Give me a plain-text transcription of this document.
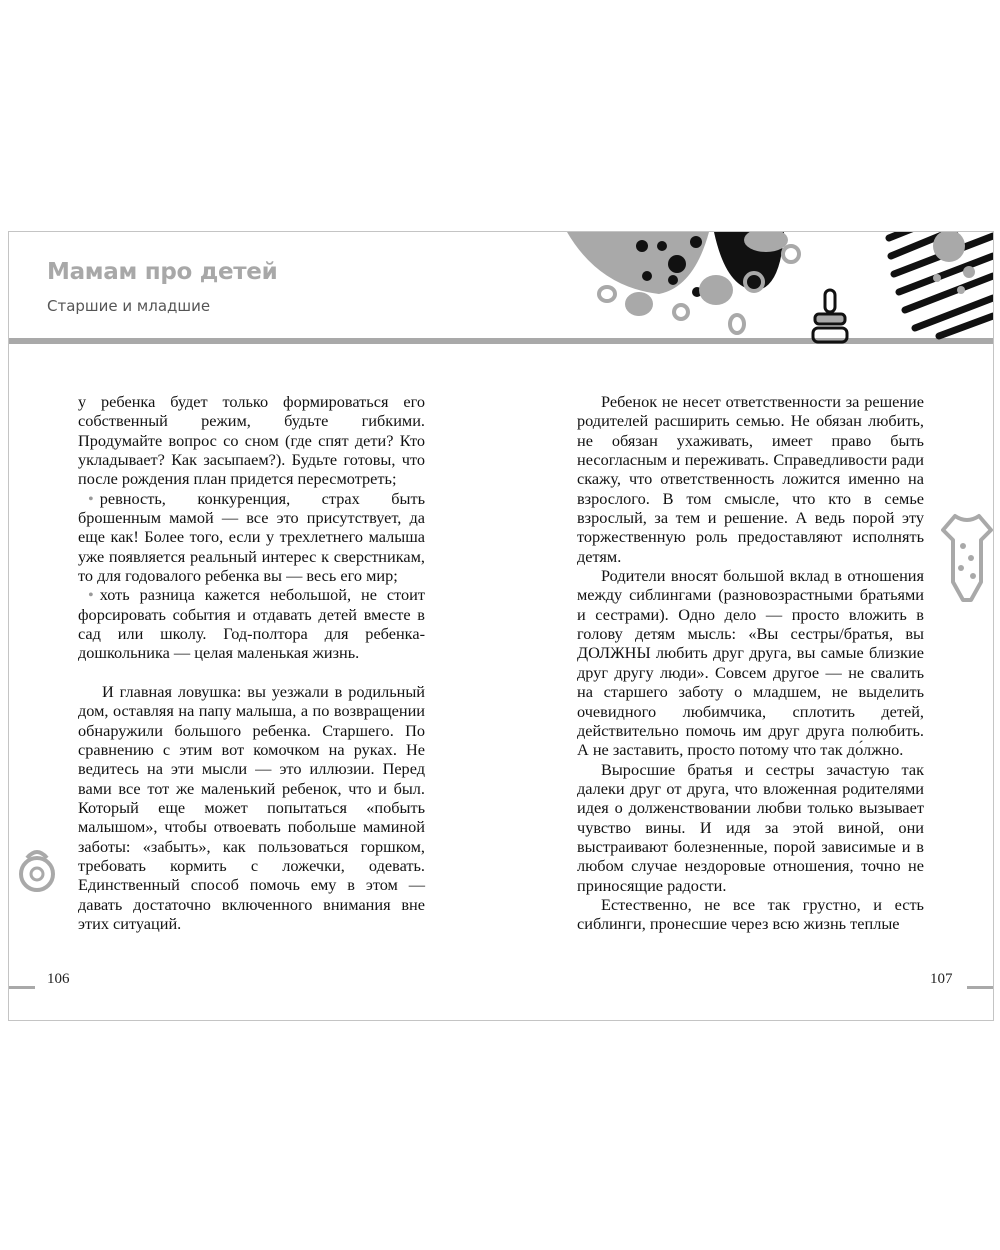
Мамам про детей
Старшие и младшие

у ребенка будет только формироваться его собственный режим, будьте гибкими. Продумайте вопрос со сном (где спят дети? Кто укладывает? Как засыпаем?). Будьте готовы, что после рождения план придется пересмотреть;

• ревность, конкуренция, страх быть брошенным мамой — все это присутствует, да еще как! Более того, если у трехлетнего малыша уже появляется реальный интерес к сверстникам, то для годовалого ребенка вы — весь его мир;

• хоть разница кажется небольшой, не стоит форсировать события и отдавать детей вместе в сад или школу. Год-полтора для ребенка-дошкольника — целая маленькая жизнь.

И главная ловушка: вы уезжали в родильный дом, оставляя на папу малыша, а по возвращении обнаружили большого ребенка. Старшего. По сравнению с этим вот комочком на руках. Не ведитесь на эти мысли — это иллюзии. Перед вами все тот же маленький ребенок, что и был. Который еще может попытаться «побыть малышом», чтобы отвоевать побольше маминой заботы: «забыть», как пользоваться горшком, требовать кормить с ложечки, одевать. Единственный способ помочь ему в этом — давать достаточно включенного внимания вне этих ситуаций.

Ребенок не несет ответственности за решение родителей расширить семью. Не обязан любить, не обязан ухаживать, имеет право быть несогласным и переживать. Справедливости ради скажу, что ответственность ложится именно на взрослого. В том смысле, что кто в семье взрослый, за тем и решение. А ведь порой эту торжественную роль предоставляют исполнять детям.

Родители вносят большой вклад в отношения между сиблингами (разновозрастными братьями и сестрами). Одно дело — просто вложить в голову детям мысль: «Вы сестры/братья, вы ДОЛЖНЫ любить друг друга, вы самые близкие друг другу люди». Совсем другое — не свалить на старшего заботу о младшем, не выделить очевидного любимчика, сплотить детей, действительно помочь им друг друга полюбить. А не заставить, просто потому что так до́лжно.

Выросшие братья и сестры зачастую так далеки друг от друга, что вложенная родителями идея о долженствовании любви только вызывает чувство вины. И идя за этой виной, они выстраивают болезненные, порой зависимые и в любом случае нездоровые отношения, точно не приносящие радости.

Естественно, не все так грустно, и есть сиблинги, пронесшие через всю жизнь теплые

106	107
